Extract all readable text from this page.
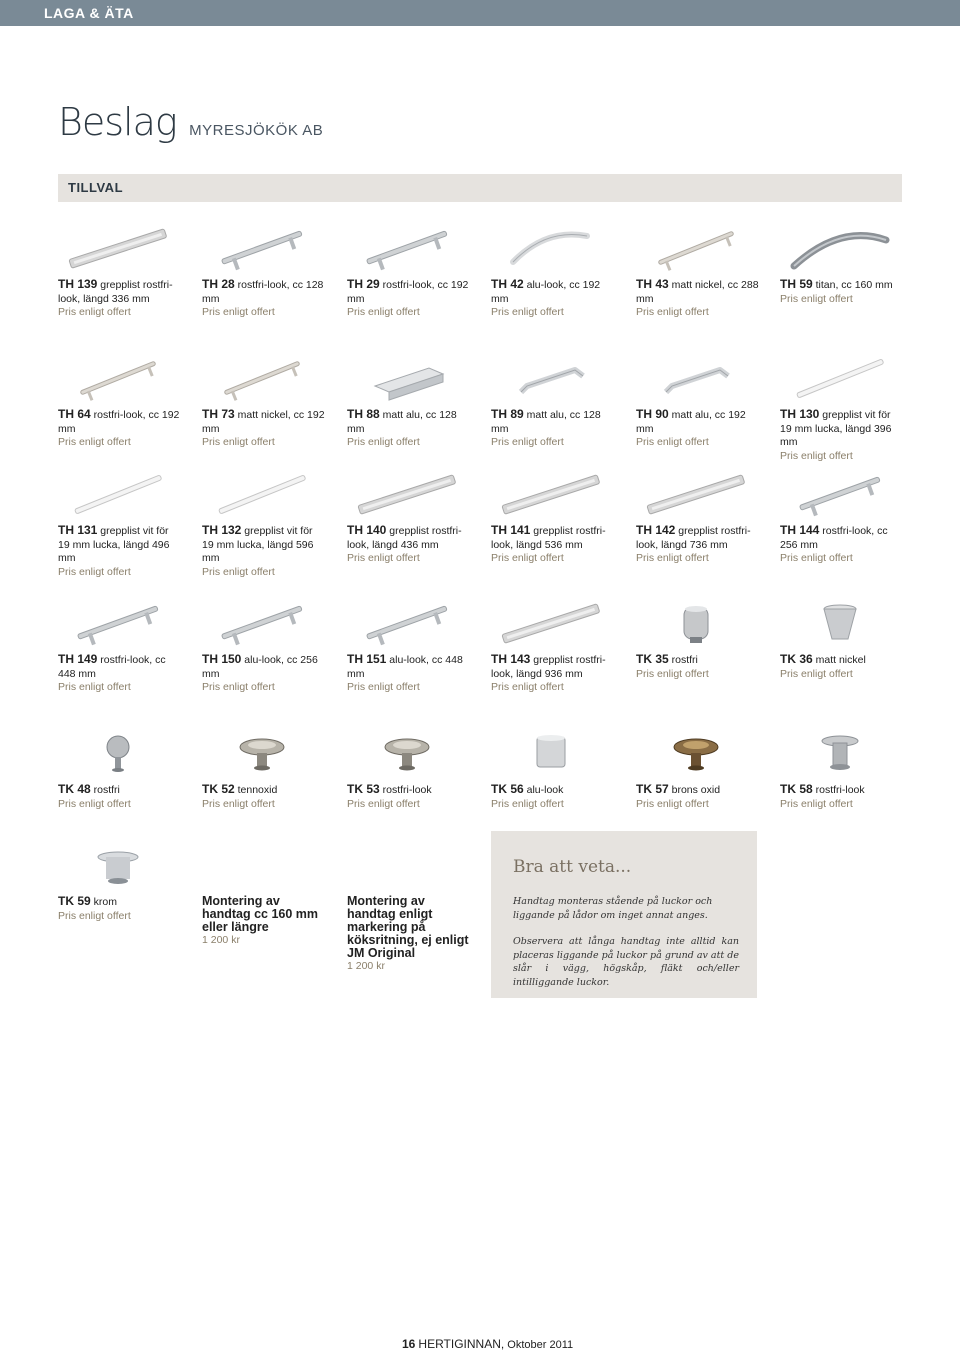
LAGA & ÄTA
Beslag MYRESJÖKÖK AB
TILLVAL
TH 139 grepplist rostfri-look, längd 336 mm
Pris enligt offert
TH 28 rostfri-look, cc 128 mm
Pris enligt offert
TH 29 rostfri-look, cc 192 mm
Pris enligt offert
TH 42 alu-look, cc 192 mm
Pris enligt offert
TH 43 matt nickel, cc 288 mm
Pris enligt offert
TH 59 titan, cc 160 mm
Pris enligt offert
TH 64 rostfri-look, cc 192 mm
Pris enligt offert
TH 73 matt nickel, cc 192 mm
Pris enligt offert
TH 88 matt alu, cc 128 mm
Pris enligt offert
TH 89 matt alu, cc 128 mm
Pris enligt offert
TH 90 matt alu, cc 192 mm
Pris enligt offert
TH 130 grepplist vit för 19 mm lucka, längd 396 mm
Pris enligt offert
TH 131 grepplist vit för 19 mm lucka, längd 496 mm
Pris enligt offert
TH 132 grepplist vit för 19 mm lucka, längd 596 mm
Pris enligt offert
TH 140 grepplist rostfri-look, längd 436 mm
Pris enligt offert
TH 141 grepplist rostfri-look, längd 536 mm
Pris enligt offert
TH 142 grepplist rostfri-look, längd 736 mm
Pris enligt offert
TH 144 rostfri-look, cc 256 mm
Pris enligt offert
TH 149 rostfri-look, cc 448 mm
Pris enligt offert
TH 150 alu-look, cc 256 mm
Pris enligt offert
TH 151 alu-look, cc 448 mm
Pris enligt offert
TH 143 grepplist rostfri-look, längd 936 mm
Pris enligt offert
TK 35 rostfri
Pris enligt offert
TK 36 matt nickel
Pris enligt offert
TK 48 rostfri
Pris enligt offert
TK 52 tennoxid
Pris enligt offert
TK 53 rostfri-look
Pris enligt offert
TK 56 alu-look
Pris enligt offert
TK 57 brons oxid
Pris enligt offert
TK 58 rostfri-look
Pris enligt offert
TK 59 krom
Pris enligt offert
Montering av handtag cc 160 mm eller längre
1 200 kr
Montering av handtag enligt markering på köksritning, ej enligt JM Original
1 200 kr
Bra att veta...
Handtag monteras stående på luckor och liggande på lådor om inget annat anges.
Observera att långa handtag inte alltid kan placeras liggande på luckor på grund av att de slår i vägg, högskåp, fläkt och/eller intilliggande luckor.
16 HERTIGINNAN, Oktober 2011
